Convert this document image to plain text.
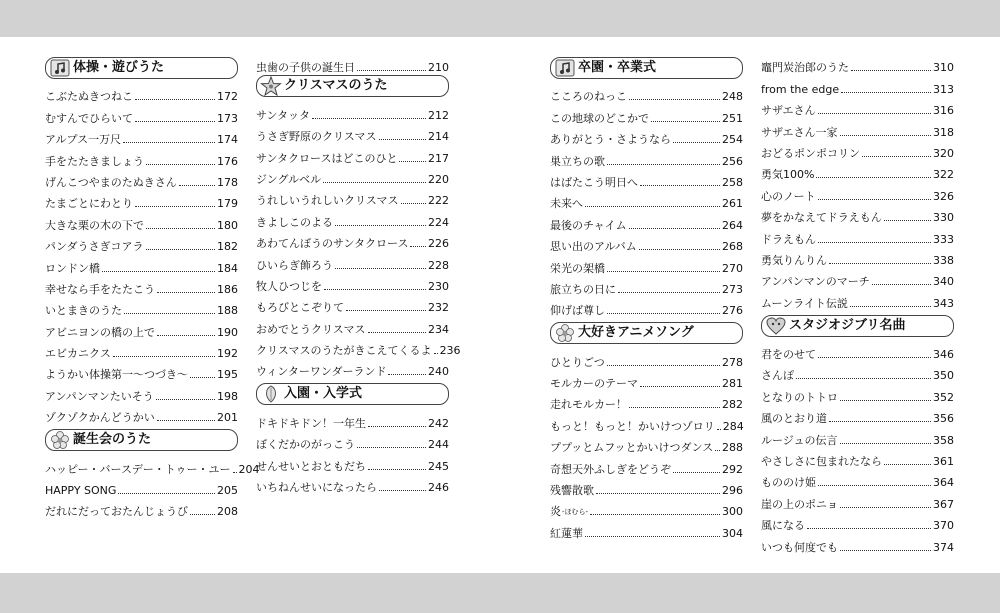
体操・遊びうた
こぶたぬきつねこ	172
むすんでひらいて	173
アルプス一万尺	174
手をたたきましょう	176
げんこつやまのたぬきさん	178
たまごとにわとり	179
大きな栗の木の下で	180
パンダうさぎコアラ	182
ロンドン橋	184
幸せなら手をたたこう	186
いとまきのうた	188
アビニヨンの橋の上で	190
エビカニクス	192
ようかい体操第一～つづき～	195
アンパンマンたいそう	198
ゾクゾクかんどうかい	201
誕生会のうた
ハッピー・バースデー・トゥー・ユー 204
HAPPY SONG	205
だれにだっておたんじょうび	208
虫歯の子供の誕生日	210
クリスマスのうた
サンタッタ	212
うさぎ野原のクリスマス	214
サンタクロースはどこのひと	217
ジングルベル	220
うれしいうれしいクリスマス	222
きよしこのよる	224
あわてんぼうのサンタクロース 226
ひいらぎ飾ろう	228
牧人ひつじを	230
もろびとこぞりて	232
おめでとうクリスマス	234
クリスマスのうたがきこえてくるよ 236
ウィンターワンダーランド	240
入園・入学式
ドキドキドン！一年生	242
ぼくだかのがっこう	244
せんせいとおともだち	245
いちねんせいになったら	246
卒園・卒業式
こころのねっこ	248
この地球のどこかで	251
ありがとう・さようなら	254
巣立ちの歌	256
はばたこう明日へ	258
未来へ	261
最後のチャイム	264
思い出のアルバム	268
栄光の架橋	270
旅立ちの日に	273
仰げば尊し	276
大好きアニメソング
ひとりごつ	278
モルカーのテーマ	281
走れモルカー！	282
もっと！もっと！かいけつゾロリ 284
ププッとムフッとかいけつダンス 288
奇想天外ふしぎをどうぞ	292
残響散歌	296
炎 -ほむら-	300
紅蓮華	304
竈門炭治郎のうた	310
from the edge	313
サザエさん	316
サザエさん一家	318
おどるポンポコリン	320
勇気100%	322
心のノート	326
夢をかなえてドラえもん	330
ドラえもん	333
勇気りんりん	338
アンパンマンのマーチ	340
ムーンライト伝説	343
スタジオジブリ名曲
君をのせて	346
さんぽ	350
となりのトトロ	352
風のとおり道	356
ルージュの伝言	358
やさしさに包まれたなら	361
もののけ姫	364
崖の上のポニョ	367
風になる	370
いつも何度でも	374
